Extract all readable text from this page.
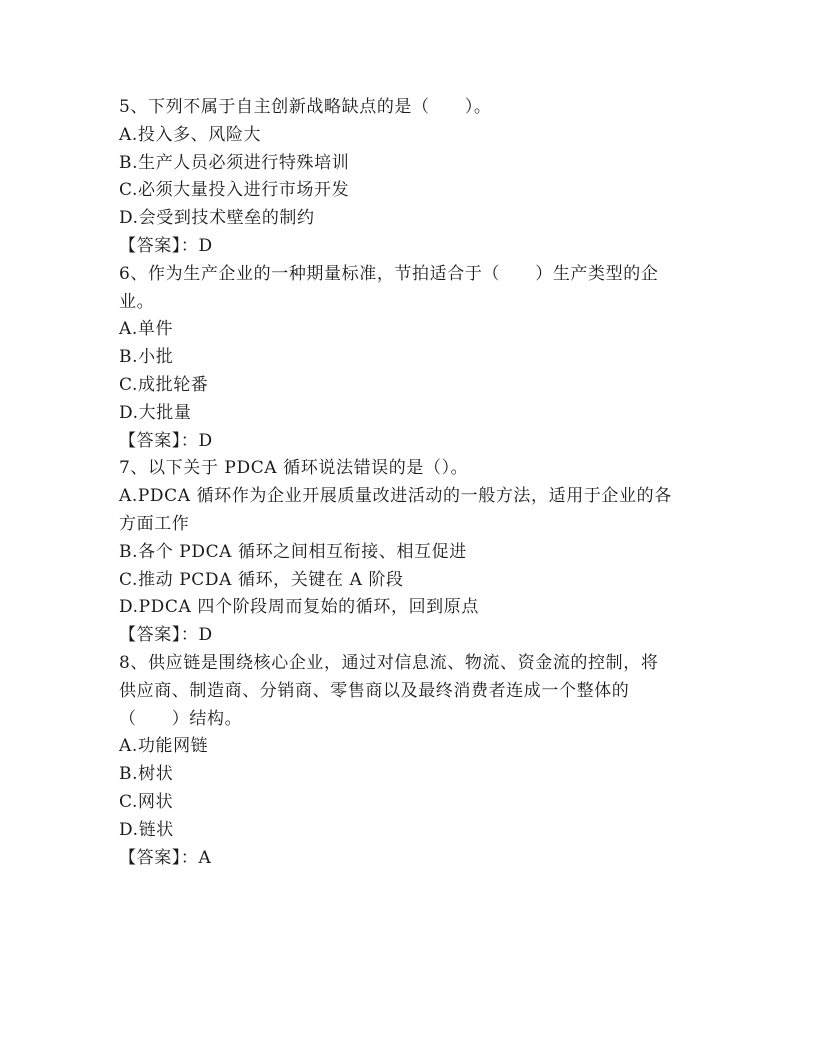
5、下列不属于自主创新战略缺点的是（　　）。
A.投入多、风险大
B.生产人员必须进行特殊培训
C.必须大量投入进行市场开发
D.会受到技术壁垒的制约
【答案】：D
6、作为生产企业的一种期量标准，节拍适合于（　　）生产类型的企
业。
A.单件
B.小批
C.成批轮番
D.大批量
【答案】：D
7、以下关于 PDCA 循环说法错误的是（）。
A.PDCA 循环作为企业开展质量改进活动的一般方法，适用于企业的各
方面工作
B.各个 PDCA 循环之间相互衔接、相互促进
C.推动 PCDA 循环，关键在 A 阶段
D.PDCA 四个阶段周而复始的循环，回到原点
【答案】：D
8、供应链是围绕核心企业，通过对信息流、物流、资金流的控制，将
供应商、制造商、分销商、零售商以及最终消费者连成一个整体的
（　　）结构。
A.功能网链
B.树状
C.网状
D.链状
【答案】：A
